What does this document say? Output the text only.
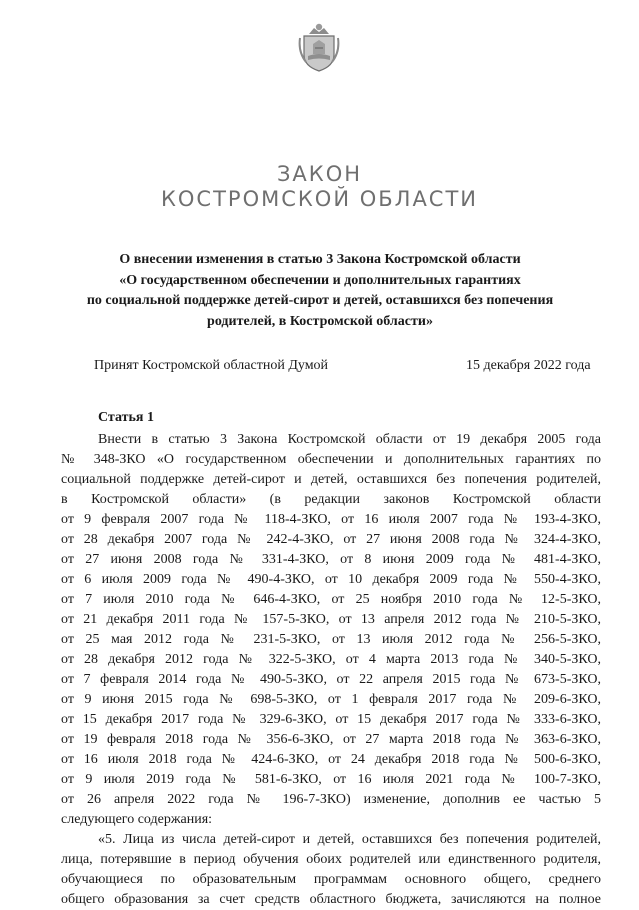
ЗАКОН
КОСТРОМСКОЙ ОБЛАСТИ
О внесении изменения в статью 3 Закона Костромской области
«О государственном обеспечении и дополнительных гарантиях
по социальной поддержке детей-сирот и детей, оставшихся без попечения
родителей, в Костромской области»
Принят Костромской областной Думой	15 декабря 2022 года
Статья 1
Внести в статью 3 Закона Костромской области от 19 декабря 2005 года
№ 348-ЗКО «О государственном обеспечении и дополнительных гарантиях по
социальной поддержке детей-сирот и детей, оставшихся без попечения родителей,
в Костромской области» (в редакции законов Костромской области
от 9 февраля 2007 года № 118-4-ЗКО, от 16 июля 2007 года № 193-4-ЗКО,
от 28 декабря 2007 года № 242-4-ЗКО, от 27 июня 2008 года № 324-4-ЗКО,
от 27 июня 2008 года № 331-4-ЗКО, от 8 июня 2009 года № 481-4-ЗКО,
от 6 июля 2009 года № 490-4-ЗКО, от 10 декабря 2009 года № 550-4-ЗКО,
от 7 июля 2010 года № 646-4-ЗКО, от 25 ноября 2010 года № 12-5-ЗКО,
от 21 декабря 2011 года № 157-5-ЗКО, от 13 апреля 2012 года № 210-5-ЗКО,
от 25 мая 2012 года № 231-5-ЗКО, от 13 июля 2012 года № 256-5-ЗКО,
от 28 декабря 2012 года № 322-5-ЗКО, от 4 марта 2013 года № 340-5-ЗКО,
от 7 февраля 2014 года № 490-5-ЗКО, от 22 апреля 2015 года № 673-5-ЗКО,
от 9 июня 2015 года № 698-5-ЗКО, от 1 февраля 2017 года № 209-6-ЗКО,
от 15 декабря 2017 года № 329-6-ЗКО, от 15 декабря 2017 года № 333-6-ЗКО,
от 19 февраля 2018 года № 356-6-ЗКО, от 27 марта 2018 года № 363-6-ЗКО,
от 16 июля 2018 года № 424-6-ЗКО, от 24 декабря 2018 года № 500-6-ЗКО,
от 9 июля 2019 года № 581-6-ЗКО, от 16 июля 2021 года № 100-7-ЗКО,
от 26 апреля 2022 года № 196-7-ЗКО) изменение, дополнив ее частью 5
следующего содержания:
«5. Лица из числа детей-сирот и детей, оставшихся без попечения родителей,
лица, потерявшие в период обучения обоих родителей или единственного родителя,
обучающиеся по образовательным программам основного общего, среднего
общего образования за счет средств областного бюджета, зачисляются на полное
